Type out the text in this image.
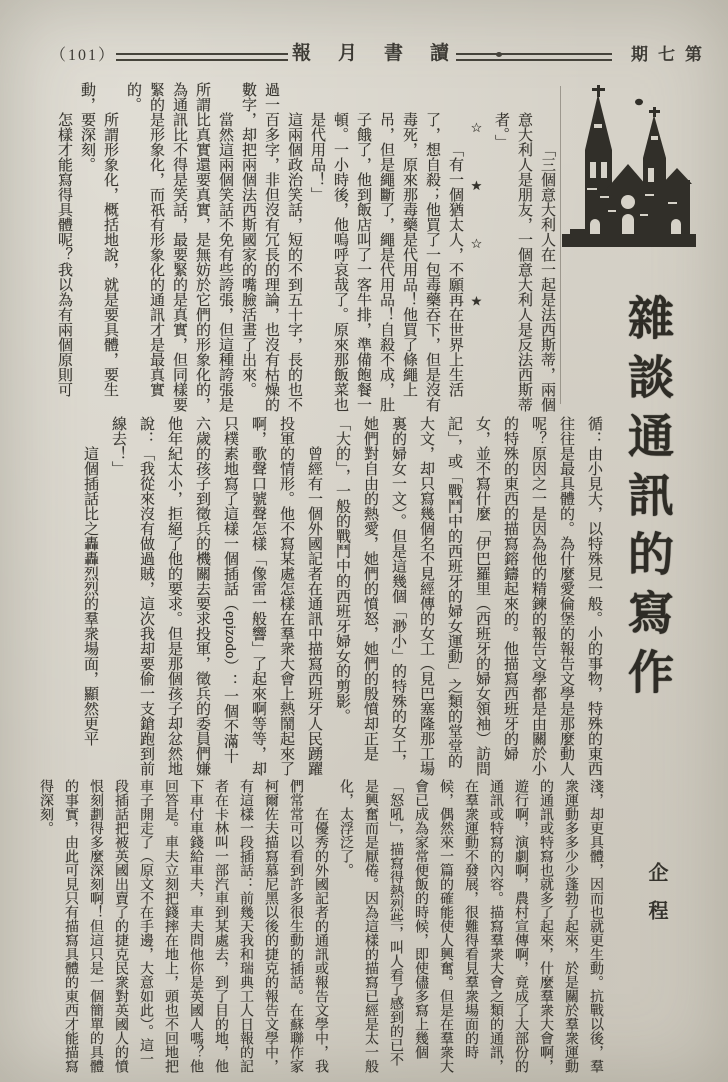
（101）	報月書讀	期七第
雜談通訊的寫作
企程

「三個意大利人在一起是法西斯蒂，兩個意大利人是朋友，一個意大利人是反法西斯蒂者。」

☆　★　☆　★

「有一個猶太人，不願再在世界上生活了，想自殺；他買了一包毒藥吞下，但是沒有毒死，原來那毒藥是代用品！他買了條繩上吊，但是繩斷了，繩是代用品！自殺不成，肚子餓了，他到飯店叫了一客牛排，準備飽餐一頓。一小時後，他嗚呼哀哉了。原來那飯菜也是代用品！」

這兩個政治笑話，短的不到五十字，長的也不過一百多字，非但沒有冗長的理論，也沒有枯燥的數字，却把兩個法西斯國家的嘴臉活畫了出來。

當然這兩個笑話不免有些誇張，但這種誇張是所謂比真實還要真實，是無妨於它們的形象化的，為通訊比不得是笑話，最要緊的是真實，但同樣要緊的是形象化，而祇有形象化的通訊才是最真實的。

所謂形象化，概括地說，就是要具體，要生動，要深刻。

怎樣才能寫得具體呢？我以為有兩個原則可

循：由小見大，以特殊見一般。小的事物，特殊的東西往往是最具體的。為什麼愛倫堡的報告文學是那麼動人呢？原因之一是因為他的精鍊的報告文學都是由關於小的特殊的東西的描寫鎔鑄起來的。他描寫西班牙的婦女，並不寫什麼「伊巴羅里（西班牙的婦女領袖）訪問記」，或「戰鬥中的西班牙的婦女運動」之類的堂堂的大文，却只寫幾個名不見經傳的女工（見巴塞隆那工場裏的婦女一文）。但是這幾個「渺小」的特殊的女工，她們對自由的熱愛，她們的憤怒，她們的殷憤却正是「大的」，一般的戰鬥中的西班牙婦女的剪影。

曾經有一個外國記者在通訊中描寫西班牙人民踴躍投軍的情形。他不寫某處怎樣在羣衆大會上熱鬧起來了啊，歌聲口號聲怎樣「像雷一般響」了起來啊等等，却只樸素地寫了這樣一個插話（epizodo）：一個不滿十六歲的孩子到徵兵的機關去要求投軍，徵兵的委員們嫌他年紀太小，拒絕了他的要求。但是那個孩子却忿然地說：「我從來沒有做過賊，這次我却要偷一支鎗跑到前線去！」

這個插話比之轟轟烈烈的羣衆場面，顯然更平

淺，却更具體，因而也就更生動。抗戰以後，羣衆運動多多少少蓬勃了起來，於是關於羣衆運動的通訊或特寫也就多了起來，什麼羣衆大會啊，遊行啊，演劇啊，農村宣傳啊，竟成了大部份的通訊或特寫的內容。描寫羣衆大會之類的通訊，在羣衆運動不發展，很難得看見羣衆場面的時候，偶然來一篇的確能使人興奮。但是在羣衆大會已成為家常便飯的時候，即使儘多寫上幾個「怒吼」，描寫得熱烈些，叫人看了感到的已不是興奮而是厭倦。因為這樣的描寫已經是太一般化，太浮泛了。

在優秀的外國記者的通訊或報告文學中，我們常常可以看到許多很生動的插話。在蘇聯作家柯爾佐夫描寫慕尼黑以後的捷克的報告文學中，有這樣一段插話：前幾天我和瑞典工人日報的記者在卡林叫一部汽車到某處去，到了目的地，他下車付車錢給車夫，車夫問他你是英國人嗎？他回答是。車夫立刻把錢摔在地上，頭也不回地把車子開走了（原文不在手邊，大意如此）。這一段插話把被英國出賣了的捷克民衆對英國人的憤恨刻劃得多麼深刻啊！但這只是一個簡單的具體的事實，由此可見只有描寫具體的東西才能描寫得深刻。
